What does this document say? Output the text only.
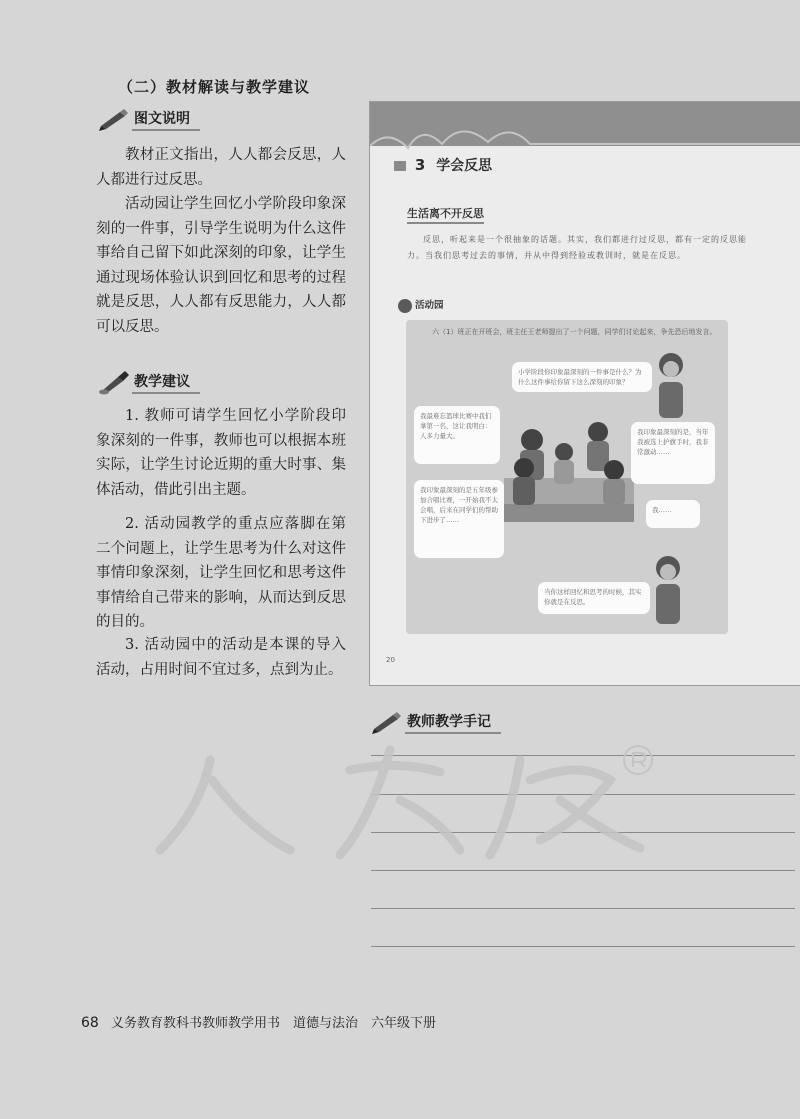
（二）教材解读与教学建议
图文说明

教材正文指出，人人都会反思，人人都进行过反思。

活动园让学生回忆小学阶段印象深刻的一件事，引导学生说明为什么这件事给自己留下如此深刻的印象，让学生通过现场体验认识到回忆和思考的过程就是反思，人人都有反思能力，人人都可以反思。

教学建议

1. 教师可请学生回忆小学阶段印象深刻的一件事，教师也可以根据本班实际，让学生讨论近期的重大时事、集体活动，借此引出主题。

2. 活动园教学的重点应落脚在第二个问题上，让学生思考为什么对这件事情印象深刻，让学生回忆和思考这件事情给自己带来的影响，从而达到反思的目的。

3. 活动园中的活动是本课的导入活动，占用时间不宜过多，点到为止。

3 学会反思
生活离不开反思

反思，听起来是一个很抽象的话题。其实，我们都进行过反思，都有一定的反思能力。当我们思考过去的事情，并从中得到经验或教训时，就是在反思。

活动园

六（1）班正在开班会，班主任王老师提出了一个问题，同学们讨论起来，争先恐后地发言。

小学阶段你印象最深刻的一件事是什么？为什么这件事给你留下这么深刻的印象？
我最难忘篮球比赛中我们拿第一名，这让我明白：人多力量大。	我印象最深刻的是，当年我被选上护旗手时，我非常激动……
我印象最深刻的是五年级参加合唱比赛，一开始我不太会唱，后来在同学们的帮助下进步了……
我……
当你这样回忆和思考的时候，其实你就是在反思。
20
教师教学手记
68 义务教育教科书教师教学用书　道德与法治　六年级下册
